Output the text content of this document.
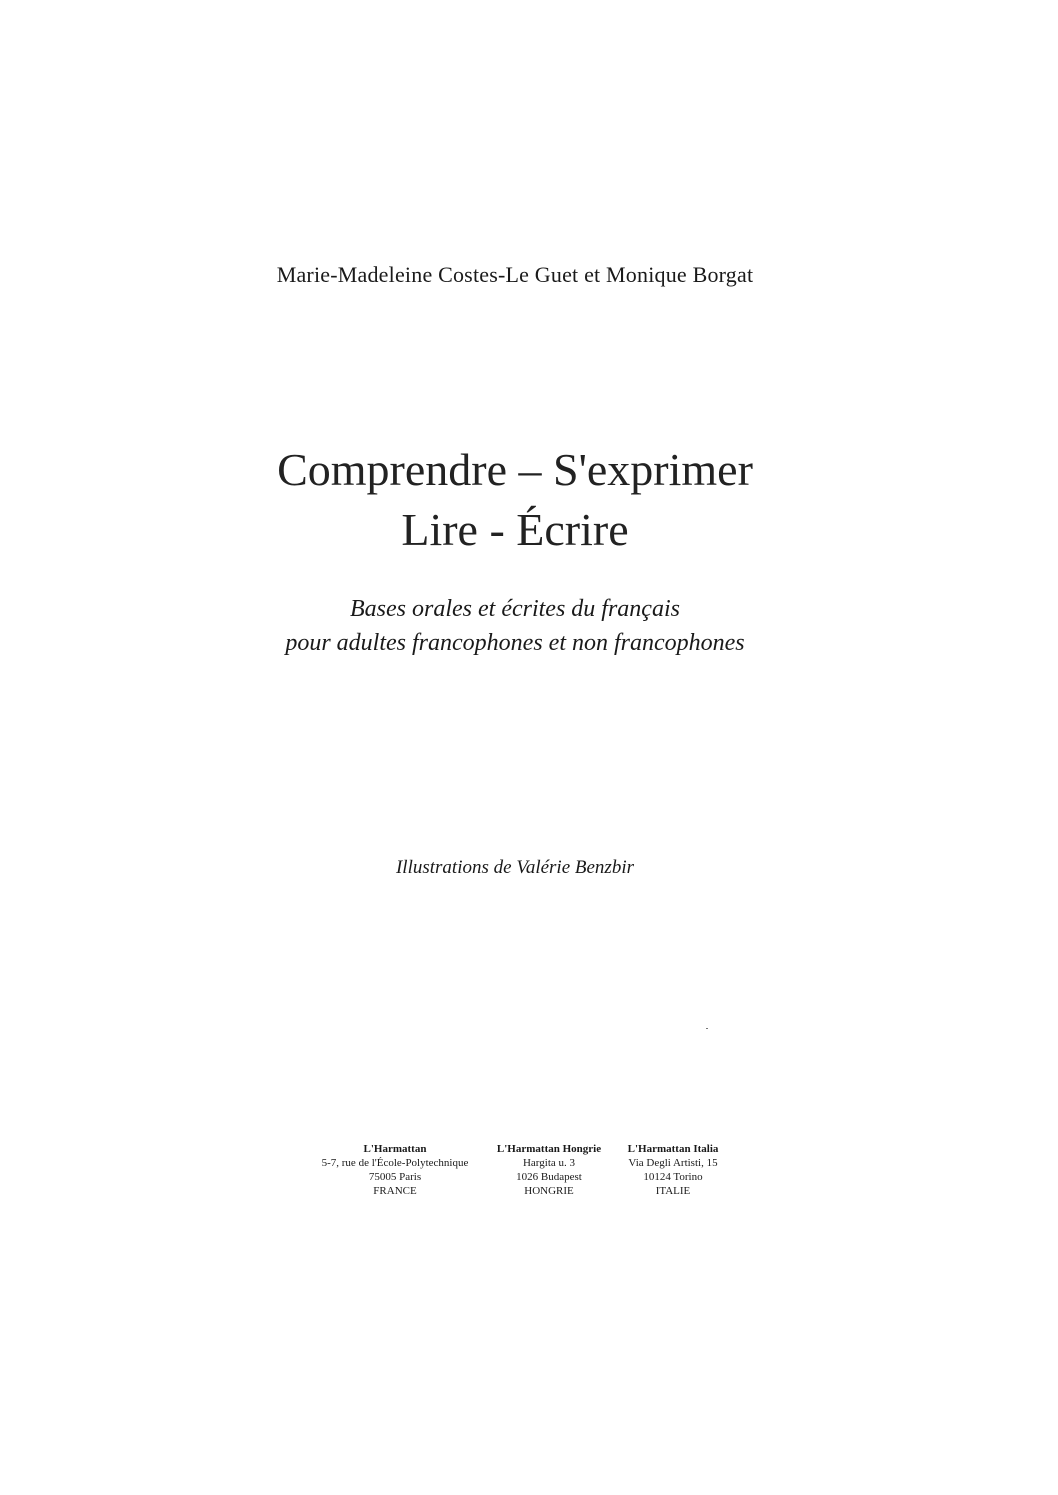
Marie-Madeleine Costes-Le Guet et Monique Borgat
Comprendre – S'exprimer
Lire - Écrire
Bases orales et écrites du français
pour adultes francophones et non francophones
Illustrations de Valérie Benzbir
L'Harmattan
5-7, rue de l'École-Polytechnique
75005 Paris
FRANCE
L'Harmattan Hongrie
Hargita u. 3
1026 Budapest
HONGRIE
L'Harmattan Italia
Via Degli Artisti, 15
10124 Torino
ITALIE
